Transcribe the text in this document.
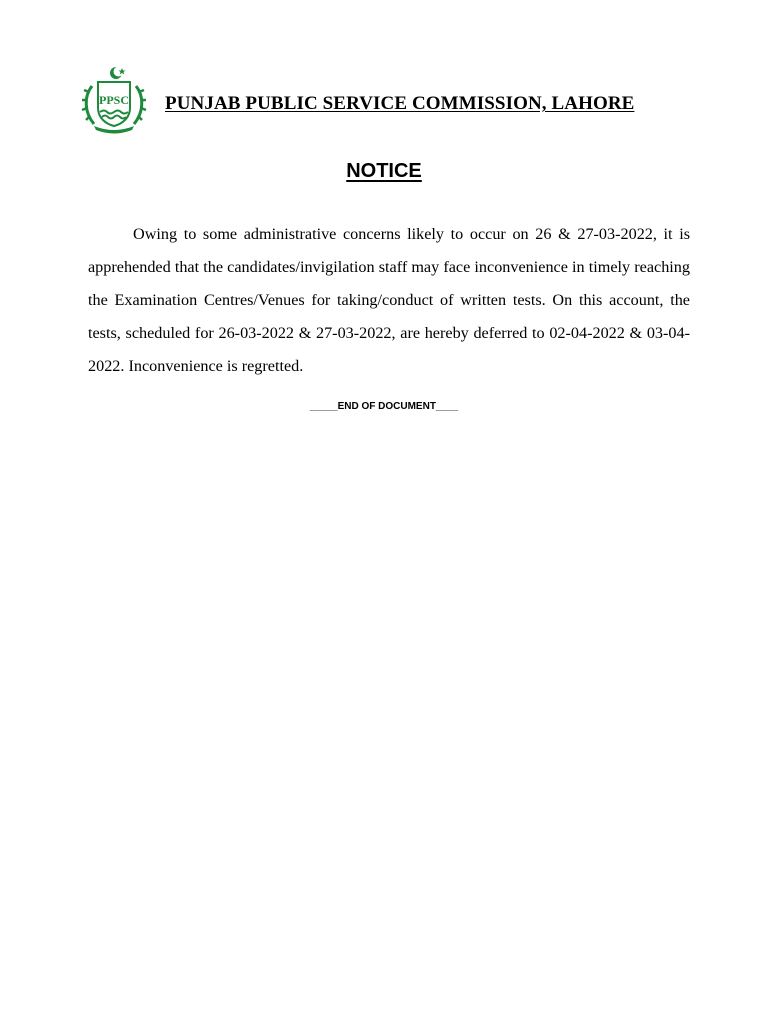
PPSC PUNJAB PUBLIC SERVICE COMMISSION, LAHORE
NOTICE

Owing to some administrative concerns likely to occur on 26 & 27-03-2022, it is apprehended that the candidates/invigilation staff may face inconvenience in timely reaching the Examination Centres/Venues for taking/conduct of written tests. On this account, the tests, scheduled for 26-03-2022 & 27-03-2022, are hereby deferred to 02-04-2022 & 03-04-2022. Inconvenience is regretted.

_____END OF DOCUMENT____
